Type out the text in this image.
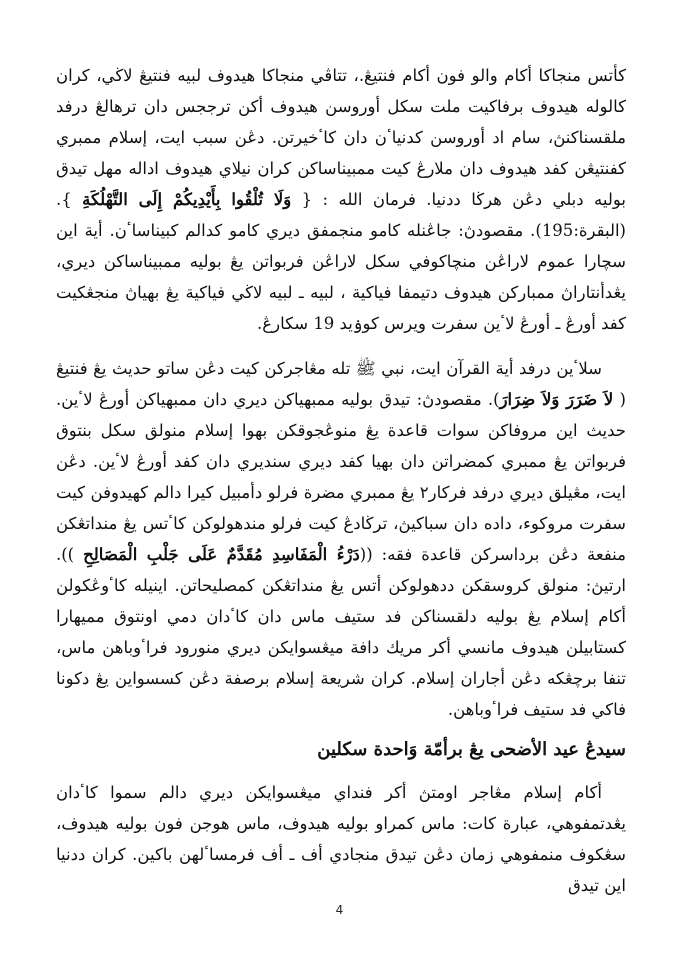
كأتس منجاكا أكام والو فون أكام فنتيڠ.، تتاڤي منجاكا هيدوف لبيه فنتيڠ لاڬي، كران كالوله هيدوف برفاكيت ملت سكل أوروسن هيدوف أكن ترججس دان ترهالڠ درفد ملقسناكنڽ، سام اد أوروسن كدنياٴن دان كاٴخيرتن. دڠن سبب ايت، إسلام ممبري كفنتيڠن كفد هيدوف دان ملارڠ كيت ممبيناساكن كران نيلاي هيدوف اداله مهل تيدق بوليه دبلي دڠن هرڬا ددنيا. فرمان الله : { وَلَا تُلْقُوا بِأَيْدِيكُمْ إِلَى التَّهْلُكَةِ }.(البقرة:195). مقصودڽ: جاڠنله كامو منجمفق ديري كامو كدالم كبيناساٴن. أية اين سچارا عموم لاراڠن منچاكوفي سكل لاراڠن فربواتن يڠ بوليه ممبيناساكن ديري، يڠدأنتاراڽ ممباركن هيدوف دتيمفا فياكية ، لبيه ـ لبيه لاڬي فياكية يڠ بهياڽ منجڠكيت كفد أورڠ ـ أورڠ لاٴين سفرت ويرس كوۏيد 19 سكارڠ.

سلاٴين درفد أية القرآن ايت، نبي ﷺ تله مڠاجركن كيت دڠن ساتو حديث يڠ فنتيڠ ( لاَ ضَرَرَ وَلاَ ضِرَارَ). مقصودڽ: تيدق بوليه ممبهياكن ديري دان ممبهياكن أورڠ لاٴين. حديث اين مروفاكن سوات قاعدة يڠ منوڠجوقكن بهوا إسلام منولق سكل بنتوق فربواتن يڠ ممبري كمضراتن دان بهيا كفد ديري سنديري دان كفد أورڠ لاٴين. دڠن ايت، مڠيلق ديري درفد فركار٢ يڠ ممبري مضرة فرلو دأمبيل كيرا دالم كهيدوفن كيت سفرت مروكوء، داده دان سباكيڽ، ترڬادڠ كيت فرلو مندهولوكن كاٴتس يڠ منداتڠكن منفعة دڠن برداسركن قاعدة فقه: ((دَرْءُ الْمَفَاسِدِ مُقَدَّمٌ عَلَى جَلْبِ الْمَصَالِحِ )). ارتيڽ: منولق كروسقكن ددهولوكن أتس يڠ منداتڠكن كمصليحاتن. اينيله كاٴوڠكولن أكام إسلام يڠ بوليه دلقسناكن فد ستيف ماس دان كاٴدان دمي اونتوق مميهارا كستابيلن هيدوف مانسي أكر مريك دافة ميڠسوايكن ديري منورود فراٴوباهن ماس، تنفا برچڠكه دڠن أجاران إسلام. كران شريعة إسلام برصفة دڠن كسسواين يڠ دكونا فاكي فد ستيف فراٴوباهن.

سيدڠ عيد الأضحى يڠ برأمّة وَاحدة سكلين

أكام إسلام مڠاجر اومتڽ أكر فنداي ميڠسوايكن ديري دالم سموا كاٴدان يڠدتمفوهي، عبارة كات: ماس كمراو بوليه هيدوف، ماس هوجن فون بوليه هيدوف، سڠكوف منمفوهي زمان دڠن تيدق منجادي أف ـ أف فرمساٴلهن باكين. كران ددنيا اين تيدق

4
